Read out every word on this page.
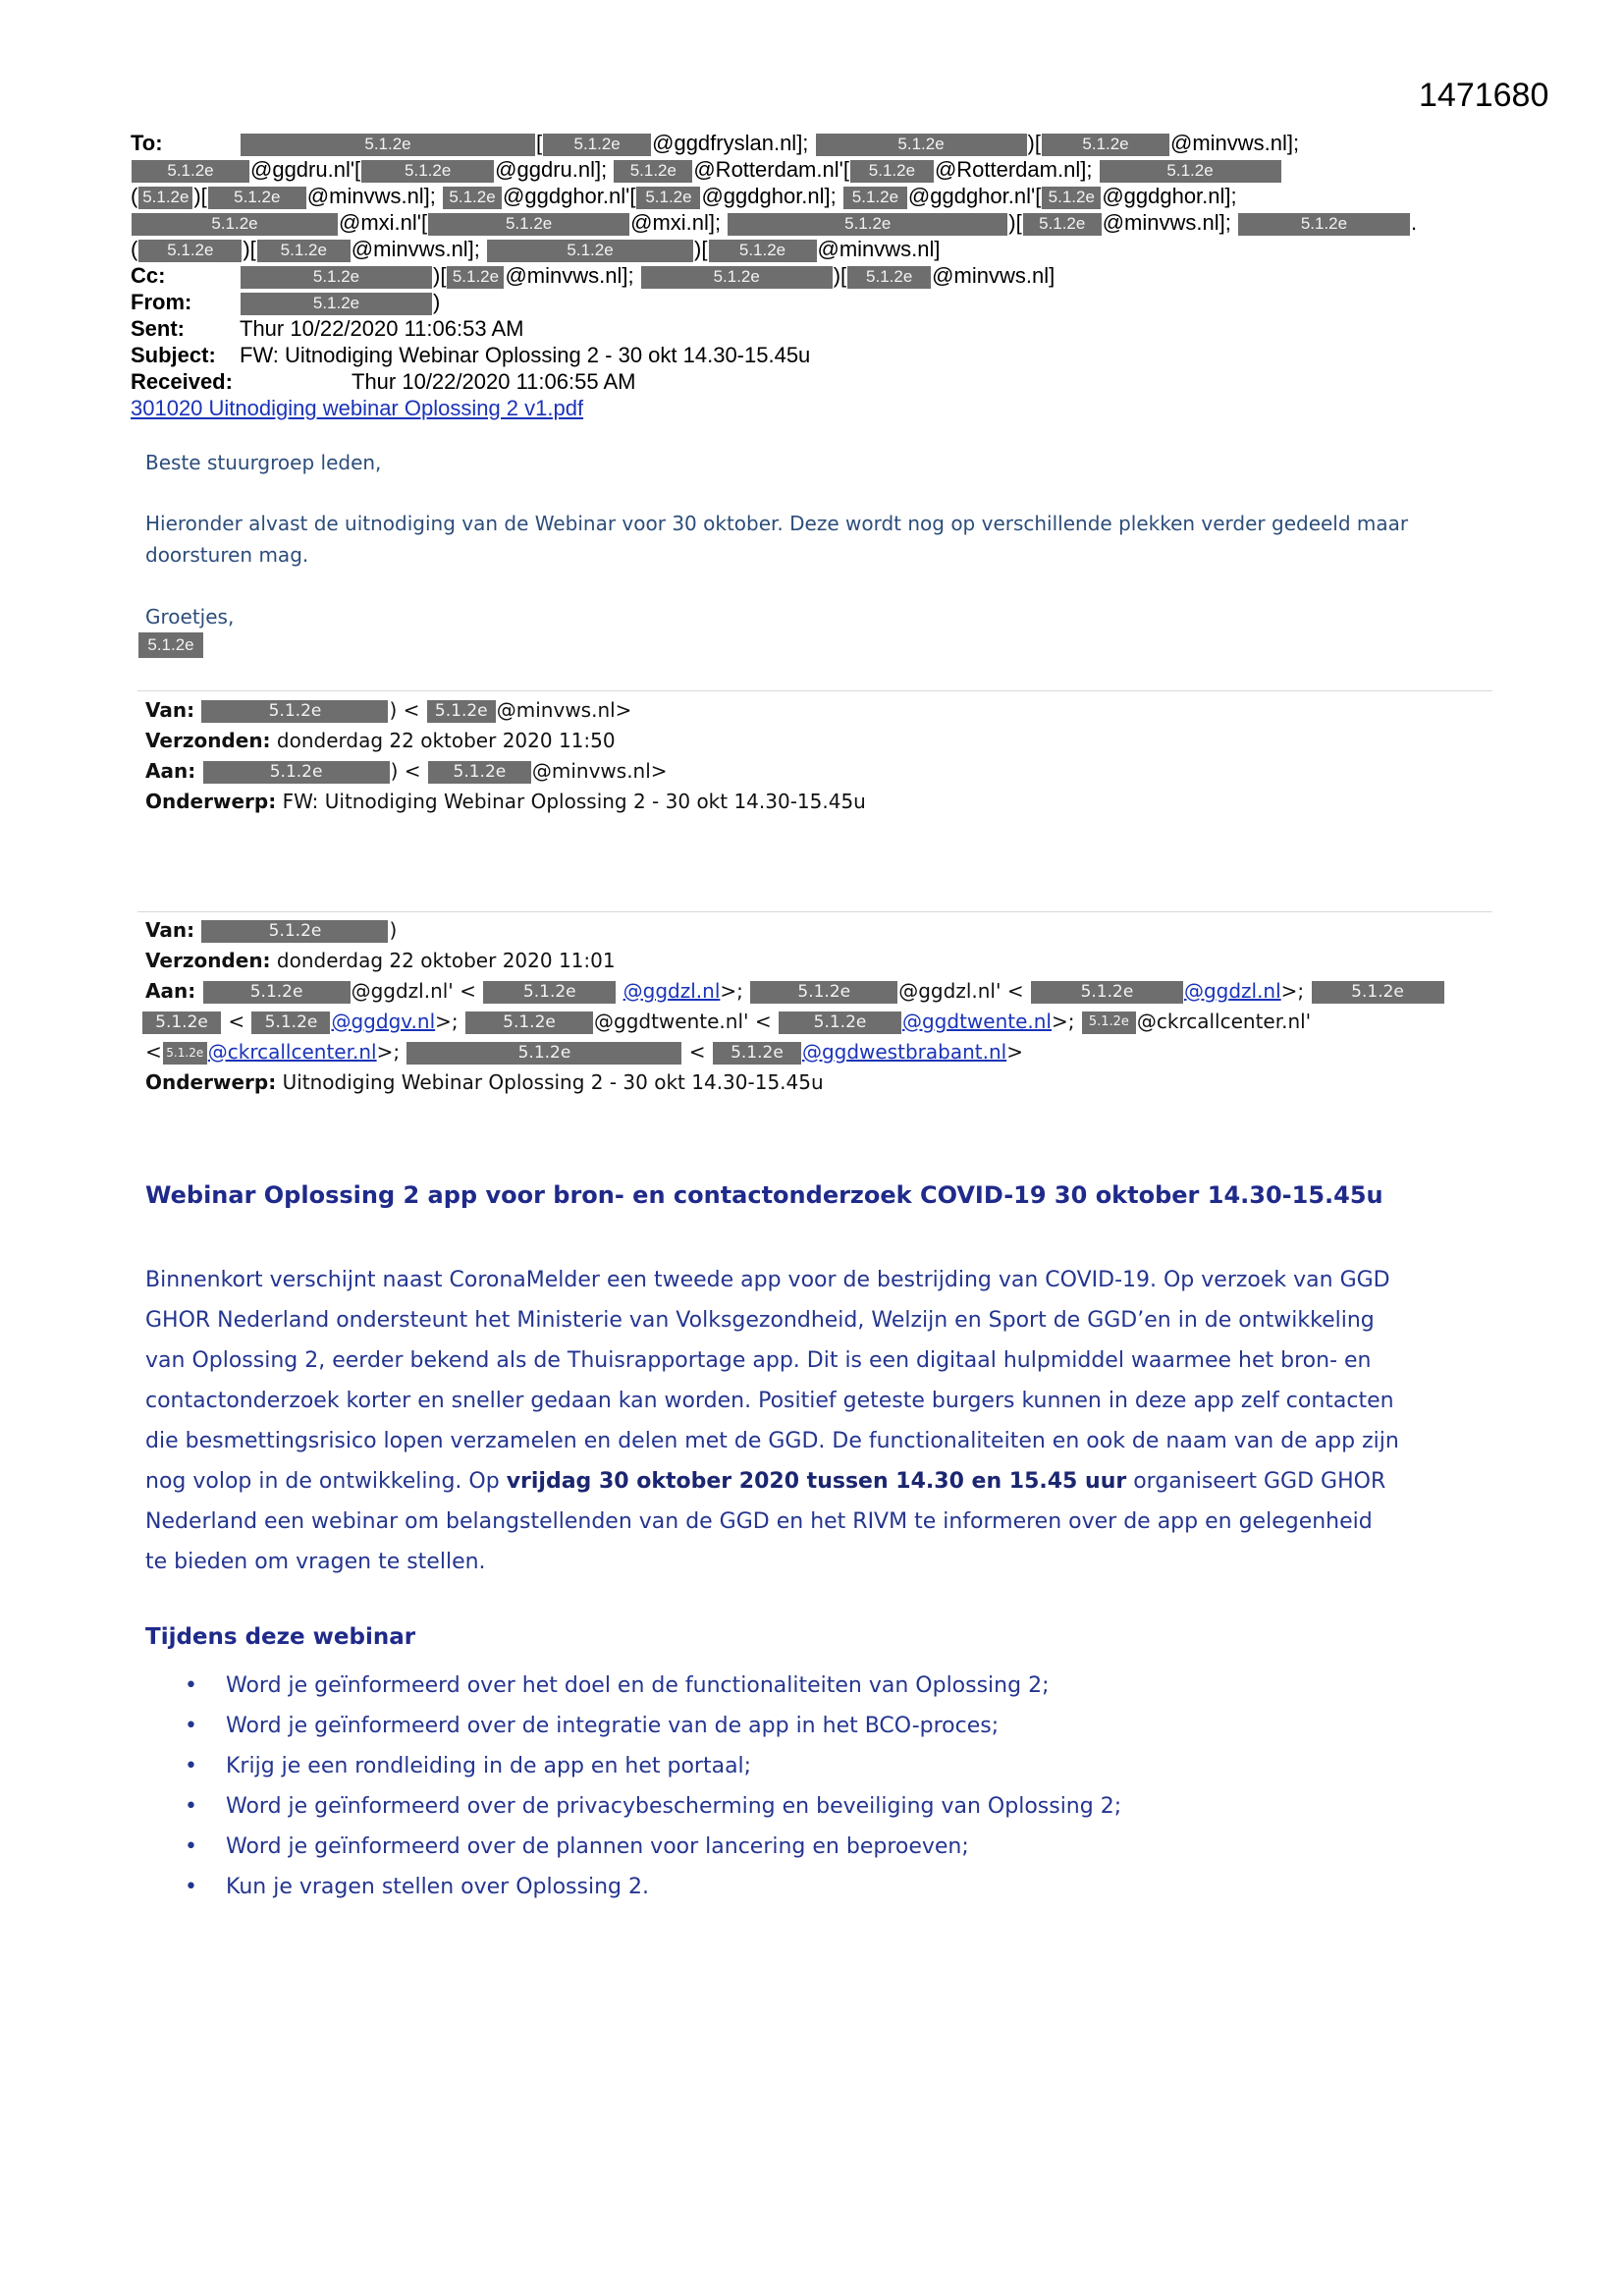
1471680
To:	5.1.2e	[ 5.1.2e @ggdfryslan.nl];	5.1.2e	)[ 5.1.2e @minvws.nl];
5.1.2e @ggdru.nl'[	5.1.2e @ggdru.nl]; 5.1.2e @Rotterdam.nl'[ 5.1.2e @Rotterdam.nl];	5.1.2e
( 5.1.2e )[ 5.1.2e @minvws.nl]; 5.1.2e @ggdghor.nl'[ 5.1.2e @ggdghor.nl]; 5.1.2e @ggdghor.nl'[ 5.1.2e @ggdghor.nl];
5.1.2e	@mxi.nl'[	5.1.2e	@mxi.nl];	5.1.2e	)[ 5.1.2e @minvws.nl];	5.1.2e	.
( 5.1.2e )[ 5.1.2e @minvws.nl];	5.1.2e	)[ 5.1.2e @minvws.nl]
Cc:	5.1.2e	)[ 5.1.2e @minvws.nl];	5.1.2e	)[ 5.1.2e @minvws.nl]
From:	5.1.2e	)
Sent:	Thur 10/22/2020 11:06:53 AM
Subject: FW: Uitnodiging Webinar Oplossing 2 - 30 okt 14.30-15.45u
Received:	Thur 10/22/2020 11:06:55 AM
301020 Uitnodiging webinar Oplossing 2 v1.pdf
Beste stuurgroep leden,
Hieronder alvast de uitnodiging van de Webinar voor 30 oktober. Deze wordt nog op verschillende plekken verder gedeeld maar
doorsturen mag.
Groetjes,
5.1.2e
Van:	5.1.2e	) < 5.1.2e @minvws.nl>
Verzonden: donderdag 22 oktober 2020 11:50
Aan:	5.1.2e	) < 5.1.2e @minvws.nl>
Onderwerp: FW: Uitnodiging Webinar Oplossing 2 - 30 okt 14.30-15.45u
Van:	5.1.2e	)
Verzonden: donderdag 22 oktober 2020 11:01
Aan:	5.1.2e @ggdzl.nl' <	5.1.2e @ggdzl.nl>;	5.1.2e @ggdzl.nl' <	5.1.2e	@ggdzl.nl>;	5.1.2e
5.1.2e < 5.1.2e @ggdgv.nl>;	5.1.2e @ggdtwente.nl' <	5.1.2e @ggdtwente.nl>; 5.1.2e @ckrcallcenter.nl'
< 5.1.2e @ckrcallcenter.nl>;	5.1.2e	< 5.1.2e @ggdwestbrabant.nl>
Onderwerp: Uitnodiging Webinar Oplossing 2 - 30 okt 14.30-15.45u
Webinar Oplossing 2 app voor bron- en contactonderzoek COVID-19 30 oktober 14.30-15.45u
Binnenkort verschijnt naast CoronaMelder een tweede app voor de bestrijding van COVID-19. Op verzoek van GGD
GHOR Nederland ondersteunt het Ministerie van Volksgezondheid, Welzijn en Sport de GGD’en in de ontwikkeling
van Oplossing 2, eerder bekend als de Thuisrapportage app. Dit is een digitaal hulpmiddel waarmee het bron- en
contactonderzoek korter en sneller gedaan kan worden. Positief geteste burgers kunnen in deze app zelf contacten
die besmettingsrisico lopen verzamelen en delen met de GGD. De functionaliteiten en ook de naam van de app zijn
nog volop in de ontwikkeling. Op vrijdag 30 oktober 2020 tussen 14.30 en 15.45 uur organiseert GGD GHOR
Nederland een webinar om belangstellenden van de GGD en het RIVM te informeren over de app en gelegenheid
te bieden om vragen te stellen.
Tijdens deze webinar
• Word je geïnformeerd over het doel en de functionaliteiten van Oplossing 2;
• Word je geïnformeerd over de integratie van de app in het BCO-proces;
• Krijg je een rondleiding in de app en het portaal;
• Word je geïnformeerd over de privacybescherming en beveiliging van Oplossing 2;
• Word je geïnformeerd over de plannen voor lancering en beproeven;
• Kun je vragen stellen over Oplossing 2.
